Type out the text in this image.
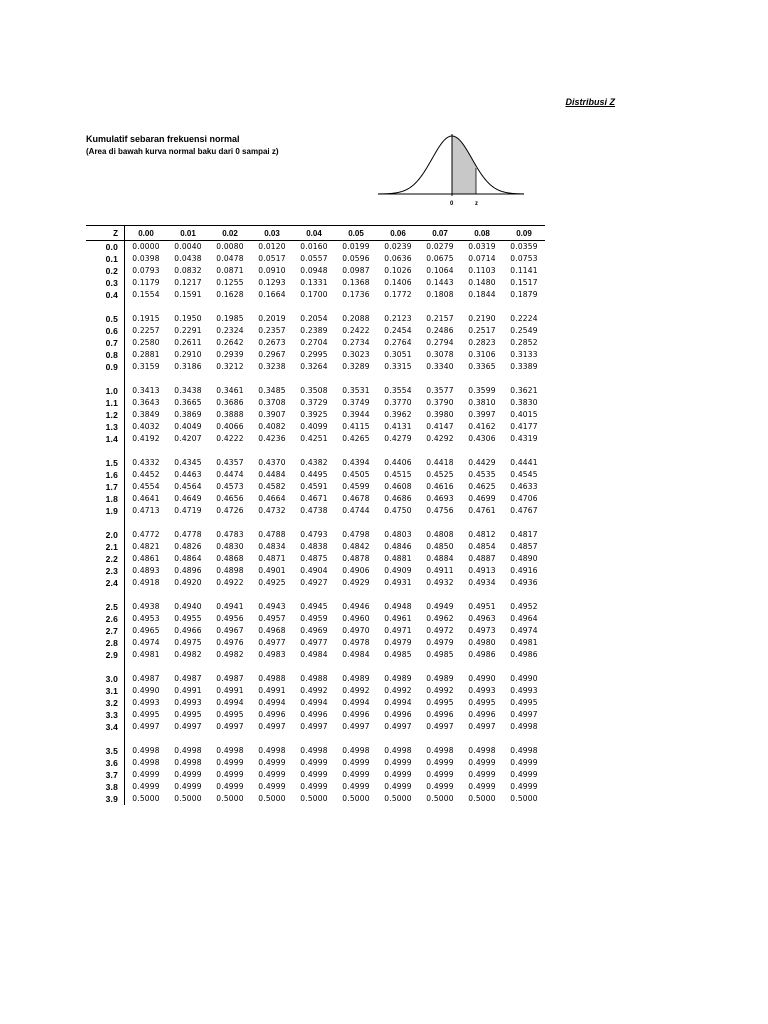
Distribusi Z
Kumulatif sebaran frekuensi normal
(Area di bawah kurva normal baku dari 0 sampai z)
0	z
Z	0.00	0.01	0.02	0.03	0.04	0.05	0.06	0.07	0.08	0.09
0.0	0.0000	0.0040	0.0080	0.0120	0.0160	0.0199	0.0239	0.0279	0.0319	0.0359
0.1	0.0398	0.0438	0.0478	0.0517	0.0557	0.0596	0.0636	0.0675	0.0714	0.0753
0.2	0.0793	0.0832	0.0871	0.0910	0.0948	0.0987	0.1026	0.1064	0.1103	0.1141
0.3	0.1179	0.1217	0.1255	0.1293	0.1331	0.1368	0.1406	0.1443	0.1480	0.1517
0.4	0.1554	0.1591	0.1628	0.1664	0.1700	0.1736	0.1772	0.1808	0.1844	0.1879

0.5	0.1915	0.1950	0.1985	0.2019	0.2054	0.2088	0.2123	0.2157	0.2190	0.2224
0.6	0.2257	0.2291	0.2324	0.2357	0.2389	0.2422	0.2454	0.2486	0.2517	0.2549
0.7	0.2580	0.2611	0.2642	0.2673	0.2704	0.2734	0.2764	0.2794	0.2823	0.2852
0.8	0.2881	0.2910	0.2939	0.2967	0.2995	0.3023	0.3051	0.3078	0.3106	0.3133
0.9	0.3159	0.3186	0.3212	0.3238	0.3264	0.3289	0.3315	0.3340	0.3365	0.3389

1.0	0.3413	0.3438	0.3461	0.3485	0.3508	0.3531	0.3554	0.3577	0.3599	0.3621
1.1	0.3643	0.3665	0.3686	0.3708	0.3729	0.3749	0.3770	0.3790	0.3810	0.3830
1.2	0.3849	0.3869	0.3888	0.3907	0.3925	0.3944	0.3962	0.3980	0.3997	0.4015
1.3	0.4032	0.4049	0.4066	0.4082	0.4099	0.4115	0.4131	0.4147	0.4162	0.4177
1.4	0.4192	0.4207	0.4222	0.4236	0.4251	0.4265	0.4279	0.4292	0.4306	0.4319

1.5	0.4332	0.4345	0.4357	0.4370	0.4382	0.4394	0.4406	0.4418	0.4429	0.4441
1.6	0.4452	0.4463	0.4474	0.4484	0.4495	0.4505	0.4515	0.4525	0.4535	0.4545
1.7	0.4554	0.4564	0.4573	0.4582	0.4591	0.4599	0.4608	0.4616	0.4625	0.4633
1.8	0.4641	0.4649	0.4656	0.4664	0.4671	0.4678	0.4686	0.4693	0.4699	0.4706
1.9	0.4713	0.4719	0.4726	0.4732	0.4738	0.4744	0.4750	0.4756	0.4761	0.4767

2.0	0.4772	0.4778	0.4783	0.4788	0.4793	0.4798	0.4803	0.4808	0.4812	0.4817
2.1	0.4821	0.4826	0.4830	0.4834	0.4838	0.4842	0.4846	0.4850	0.4854	0.4857
2.2	0.4861	0.4864	0.4868	0.4871	0.4875	0.4878	0.4881	0.4884	0.4887	0.4890
2.3	0.4893	0.4896	0.4898	0.4901	0.4904	0.4906	0.4909	0.4911	0.4913	0.4916
2.4	0.4918	0.4920	0.4922	0.4925	0.4927	0.4929	0.4931	0.4932	0.4934	0.4936

2.5	0.4938	0.4940	0.4941	0.4943	0.4945	0.4946	0.4948	0.4949	0.4951	0.4952
2.6	0.4953	0.4955	0.4956	0.4957	0.4959	0.4960	0.4961	0.4962	0.4963	0.4964
2.7	0.4965	0.4966	0.4967	0.4968	0.4969	0.4970	0.4971	0.4972	0.4973	0.4974
2.8	0.4974	0.4975	0.4976	0.4977	0.4977	0.4978	0.4979	0.4979	0.4980	0.4981
2.9	0.4981	0.4982	0.4982	0.4983	0.4984	0.4984	0.4985	0.4985	0.4986	0.4986

3.0	0.4987	0.4987	0.4987	0.4988	0.4988	0.4989	0.4989	0.4989	0.4990	0.4990
3.1	0.4990	0.4991	0.4991	0.4991	0.4992	0.4992	0.4992	0.4992	0.4993	0.4993
3.2	0.4993	0.4993	0.4994	0.4994	0.4994	0.4994	0.4994	0.4995	0.4995	0.4995
3.3	0.4995	0.4995	0.4995	0.4996	0.4996	0.4996	0.4996	0.4996	0.4996	0.4997
3.4	0.4997	0.4997	0.4997	0.4997	0.4997	0.4997	0.4997	0.4997	0.4997	0.4998

3.5	0.4998	0.4998	0.4998	0.4998	0.4998	0.4998	0.4998	0.4998	0.4998	0.4998
3.6	0.4998	0.4998	0.4999	0.4999	0.4999	0.4999	0.4999	0.4999	0.4999	0.4999
3.7	0.4999	0.4999	0.4999	0.4999	0.4999	0.4999	0.4999	0.4999	0.4999	0.4999
3.8	0.4999	0.4999	0.4999	0.4999	0.4999	0.4999	0.4999	0.4999	0.4999	0.4999
3.9	0.5000	0.5000	0.5000	0.5000	0.5000	0.5000	0.5000	0.5000	0.5000	0.5000
